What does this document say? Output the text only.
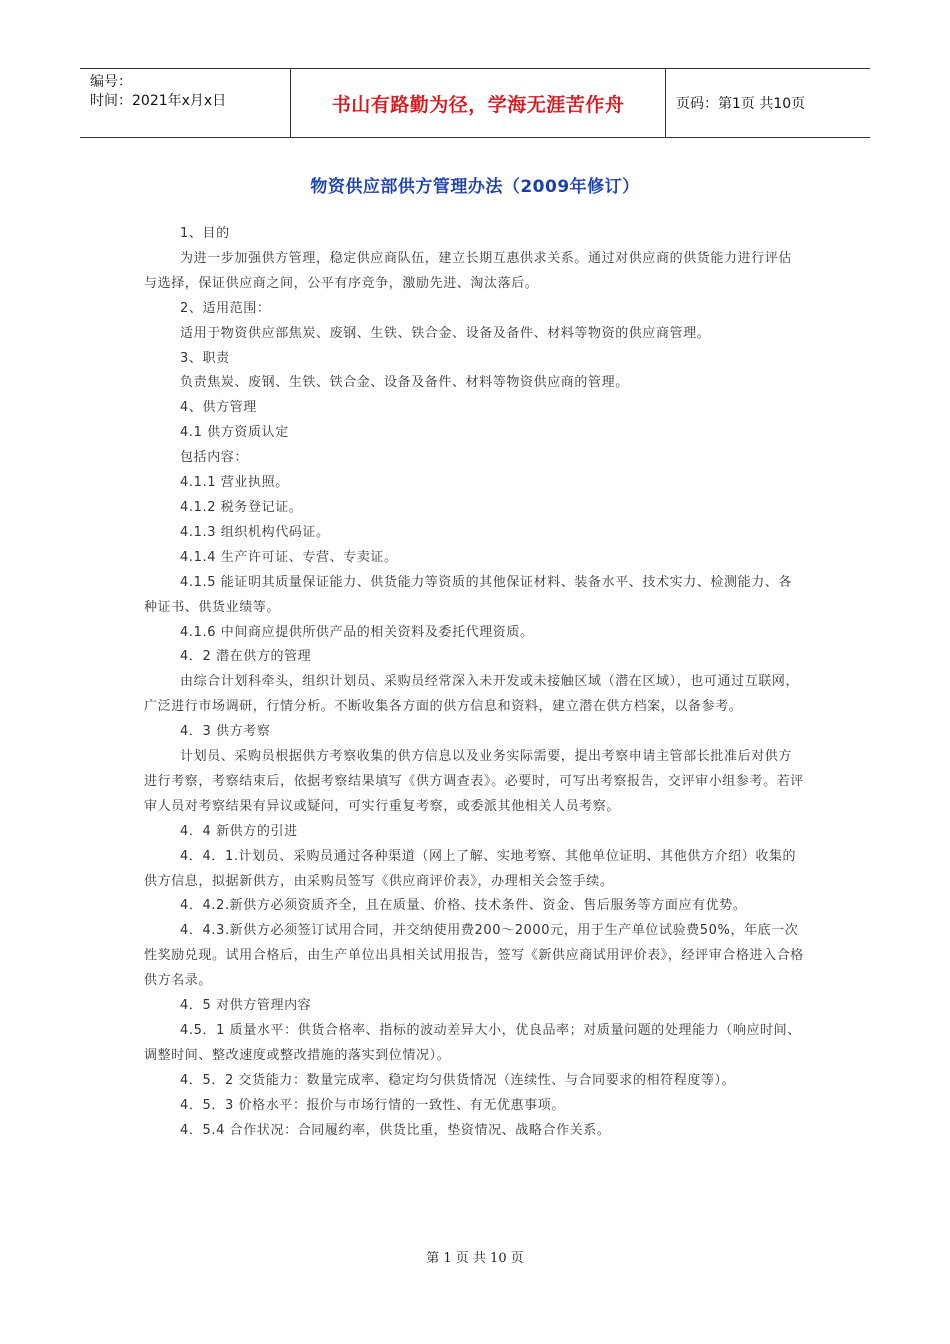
编号：
时间：2021年x月x日	书山有路勤为径，学海无涯苦作舟	页码：第1页 共10页
物资供应部供方管理办法（2009年修订）

1、目的

为进一步加强供方管理，稳定供应商队伍，建立长期互惠供求关系。通过对供应商的供货能力进行评估与选择，保证供应商之间，公平有序竞争，激励先进、淘汰落后。

2、适用范围：

适用于物资供应部焦炭、废钢、生铁、铁合金、设备及备件、材料等物资的供应商管理。

3、职责

负责焦炭、废钢、生铁、铁合金、设备及备件、材料等物资供应商的管理。

4、供方管理

4.1 供方资质认定

包括内容：

4.1.1 营业执照。

4.1.2 税务登记证。

4.1.3 组织机构代码证。

4.1.4 生产许可证、专营、专卖证。

4.1.5 能证明其质量保证能力、供货能力等资质的其他保证材料、装备水平、技术实力、检测能力、各种证书、供货业绩等。

4.1.6 中间商应提供所供产品的相关资料及委托代理资质。

4．2 潜在供方的管理

由综合计划科牵头，组织计划员、采购员经常深入未开发或未接触区域（潜在区域），也可通过互联网，广泛进行市场调研，行情分析。不断收集各方面的供方信息和资料，建立潜在供方档案，以备参考。

4．3 供方考察

计划员、采购员根据供方考察收集的供方信息以及业务实际需要，提出考察申请主管部长批准后对供方进行考察，考察结束后，依据考察结果填写《供方调查表》。必要时，可写出考察报告，交评审小组参考。若评审人员对考察结果有异议或疑问，可实行重复考察，或委派其他相关人员考察。

4．4 新供方的引进

4．4．1.计划员、采购员通过各种渠道（网上了解、实地考察、其他单位证明、其他供方介绍）收集的供方信息，拟据新供方，由采购员签写《供应商评价表》，办理相关会签手续。

4．4.2.新供方必须资质齐全，且在质量、价格、技术条件、资金、售后服务等方面应有优势。

4．4.3.新供方必须签订试用合同，并交纳使用费200～2000元，用于生产单位试验费50%，年底一次性奖励兑现。试用合格后，由生产单位出具相关试用报告，签写《新供应商试用评价表》，经评审合格进入合格供方名录。

4．5 对供方管理内容

4.5．1 质量水平：供货合格率、指标的波动差异大小，优良品率；对质量问题的处理能力（响应时间、调整时间、整改速度或整改措施的落实到位情况）。

4．5．2 交货能力：数量完成率、稳定均匀供货情况（连续性、与合同要求的相符程度等）。

4．5．3 价格水平：报价与市场行情的一致性、有无优惠事项。

4．5.4 合作状况：合同履约率，供货比重，垫资情况、战略合作关系。

第 1 页 共 10 页
